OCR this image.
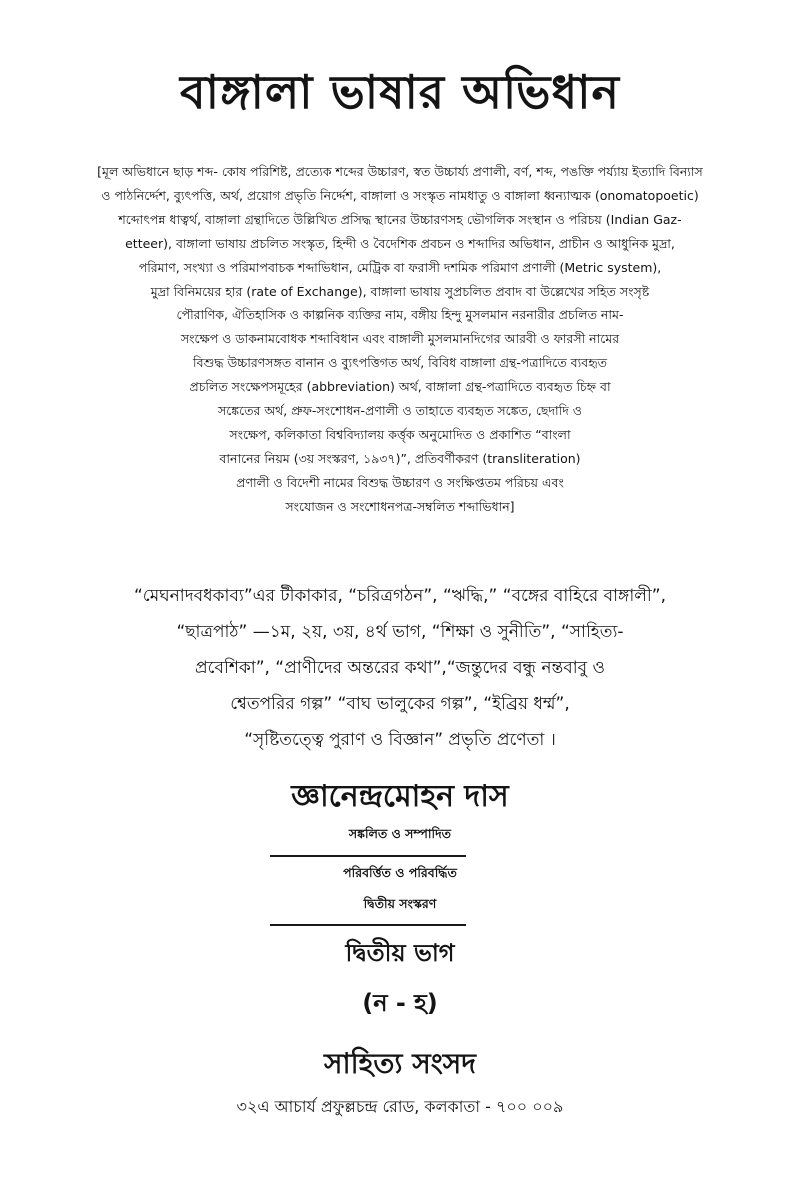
বাঙ্গালা ভাষার অভিধান
[মূল অভিধানে ছাড় শব্দ- কোষ পরিশিষ্ট, প্রত্যেক শব্দের উচ্চারণ, স্বত উচ্চার্য্য প্রণালী, বর্ণ, শব্দ, পঙক্তি পর্য্যায় ইত্যাদি বিন্যাস
ও পাঠনির্দ্দেশ, ব্যুৎপত্তি, অর্থ, প্রয়োগ প্রভৃতি নির্দ্দেশ, বাঙ্গালা ও সংস্কৃত নামধাতু ও বাঙ্গালা ধ্বন্যাত্মক (onomatopoetic)
শব্দোৎপন্ন ধাত্বর্থ, বাঙ্গালা গ্রন্থাদিতে উল্লিখিত প্রসিদ্ধ স্থানের উচ্চারণসহ ভৌগলিক সংস্থান ও পরিচয় (Indian Gaz-
etteer), বাঙ্গালা ভাষায় প্রচলিত সংস্কৃত, হিন্দী ও বৈদেশিক প্রবচন ও শব্দাদির অভিধান, প্রাচীন ও আধুনিক মুদ্রা,
পরিমাণ, সংখ্যা ও পরিমাপবাচক শব্দাভিধান, মেট্রিক বা ফরাসী দশমিক পরিমাণ প্রণালী (Metric system),
মুদ্রা বিনিময়ের হার (rate of Exchange), বাঙ্গালা ভাষায় সুপ্রচলিত প্রবাদ বা উল্লেখের সহিত সংসৃষ্ট
পৌরাণিক, ঐতিহাসিক ও কাল্পনিক ব্যক্তির নাম, বঙ্গীয় হিন্দু মুসলমান নরনারীর প্রচলিত নাম-
সংক্ষেপ ও ডাকনামবোধক শব্দাবিধান এবং বাঙ্গালী মুসলমানদিগের আরবী ও ফারসী নামের
বিশুদ্ধ উচ্চারণসঙ্গত বানান ও ব্যুৎপত্তিগত অর্থ, বিবিধ বাঙ্গালা গ্রন্থ-পত্রাদিতে ব্যবহৃত
প্রচলিত সংক্ষেপসমূহের (abbreviation) অর্থ, বাঙ্গালা গ্রন্থ-পত্রাদিতে ব্যবহৃত চিহ্ন বা
সঙ্কেতের অর্থ, প্রুফ-সংশোধন-প্রণালী ও তাহাতে ব্যবহৃত সঙ্কেত, ছেদাদি ও
সংক্ষেপ, কলিকাতা বিশ্ববিদ্যালয় কর্ত্তৃক অনুমোদিত ও প্রকাশিত “বাংলা
বানানের নিয়ম (৩য় সংস্করণ, ১৯৩৭)”, প্রতিবর্ণীকরণ (transliteration)
প্রণালী ও বিদেশী নামের বিশুদ্ধ উচ্চারণ ও সংক্ষিপ্ততম পরিচয় এবং
সংযোজন ও সংশোধনপত্র-সম্বলিত শব্দাভিধান]
“মেঘনাদবধকাব্য”এর টীকাকার, “চরিত্রগঠন”, “ঋদ্ধি,” “বঙ্গের বাহিরে বাঙ্গালী”,
“ছাত্রপাঠ” —১ম, ২য়, ৩য়, ৪র্থ ভাগ, “শিক্ষা ও সুনীতি”, “সাহিত্য-
প্রবেশিকা”, “প্রাণীদের অন্তরের কথা”,“জন্তুদের বন্ধু নন্তবাবু ও
শ্বেতপরির গল্প” “বাঘ ভালুকের গল্প”, “ইব্রিয় ধর্ম্ম”,
“সৃষ্টিতত্ত্বে পুরাণ ও বিজ্ঞান” প্রভৃতি প্রণেতা ।
জ্ঞানেন্দ্রমোহন দাস
সঙ্কলিত ও সম্পাদিত
পরিবর্ত্তিত ও পরিবর্দ্ধিত
দ্বিতীয় সংস্করণ
দ্বিতীয় ভাগ
(ন - হ)
সাহিত্য সংসদ
৩২এ আচার্য প্রফুল্লচন্দ্র রোড, কলকাতা - ৭০০ ০০৯
